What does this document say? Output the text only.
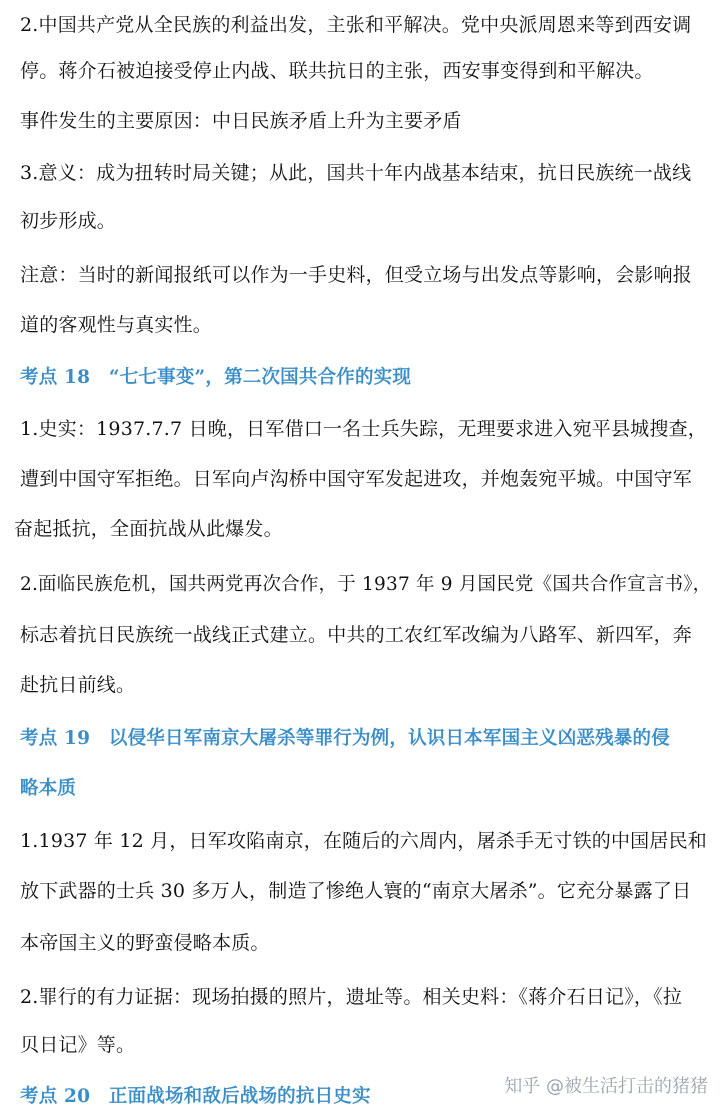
2.中国共产党从全民族的利益出发，主张和平解决。党中央派周恩来等到西安调
停。蒋介石被迫接受停止内战、联共抗日的主张，西安事变得到和平解决。
事件发生的主要原因：中日民族矛盾上升为主要矛盾
3.意义：成为扭转时局关键；从此，国共十年内战基本结束，抗日民族统一战线
初步形成。
注意：当时的新闻报纸可以作为一手史料，但受立场与出发点等影响，会影响报
道的客观性与真实性。
考点 18　“七七事变”，第二次国共合作的实现
1.史实：1937.7.7 日晚，日军借口一名士兵失踪，无理要求进入宛平县城搜查，
遭到中国守军拒绝。日军向卢沟桥中国守军发起进攻，并炮轰宛平城。中国守军
奋起抵抗，全面抗战从此爆发。
2.面临民族危机，国共两党再次合作，于 1937 年 9 月国民党《国共合作宣言书》，
标志着抗日民族统一战线正式建立。中共的工农红军改编为八路军、新四军，奔
赴抗日前线。
考点 19　以侵华日军南京大屠杀等罪行为例，认识日本军国主义凶恶残暴的侵
略本质
1.1937 年 12 月，日军攻陷南京，在随后的六周内，屠杀手无寸铁的中国居民和
放下武器的士兵 30 多万人，制造了惨绝人寰的“南京大屠杀”。它充分暴露了日
本帝国主义的野蛮侵略本质。
2.罪行的有力证据：现场拍摄的照片，遗址等。相关史料：《蒋介石日记》，《拉
贝日记》等。
考点 20　正面战场和敌后战场的抗日史实	知乎 @被生活打击的猪猪
